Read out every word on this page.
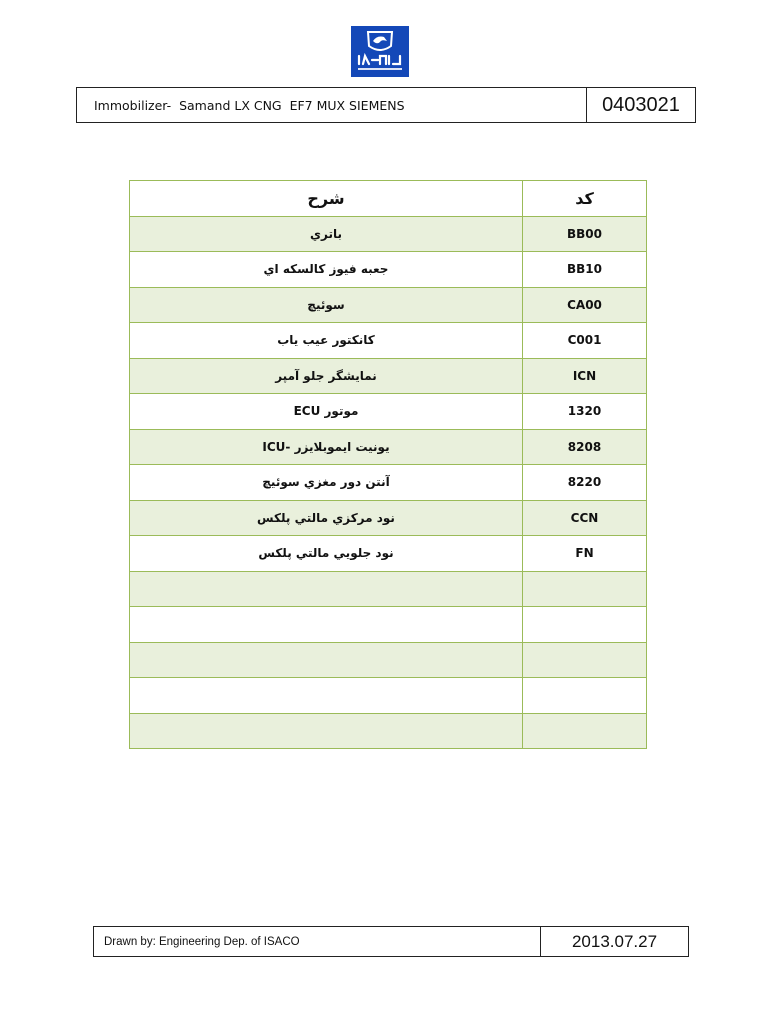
Immobilizer-  Samand LX CNG  EF7 MUX SIEMENS	0403021
شرح	کد
باتري	BB00
جعبه فيوز كالسكه اي	BB10
سوئيچ	CA00
كانكتور عيب ياب	C001
نمايشگر جلو آمپر	ICN
موتور ECU	1320
يونيت ايموبلايزر -ICU	8208
آنتن دور مغزي سوئيچ	8220
نود مركزي مالتي پلكس	CCN
نود جلويي مالتي پلكس	FN

Drawn by: Engineering Dep. of ISACO	2013.07.27
